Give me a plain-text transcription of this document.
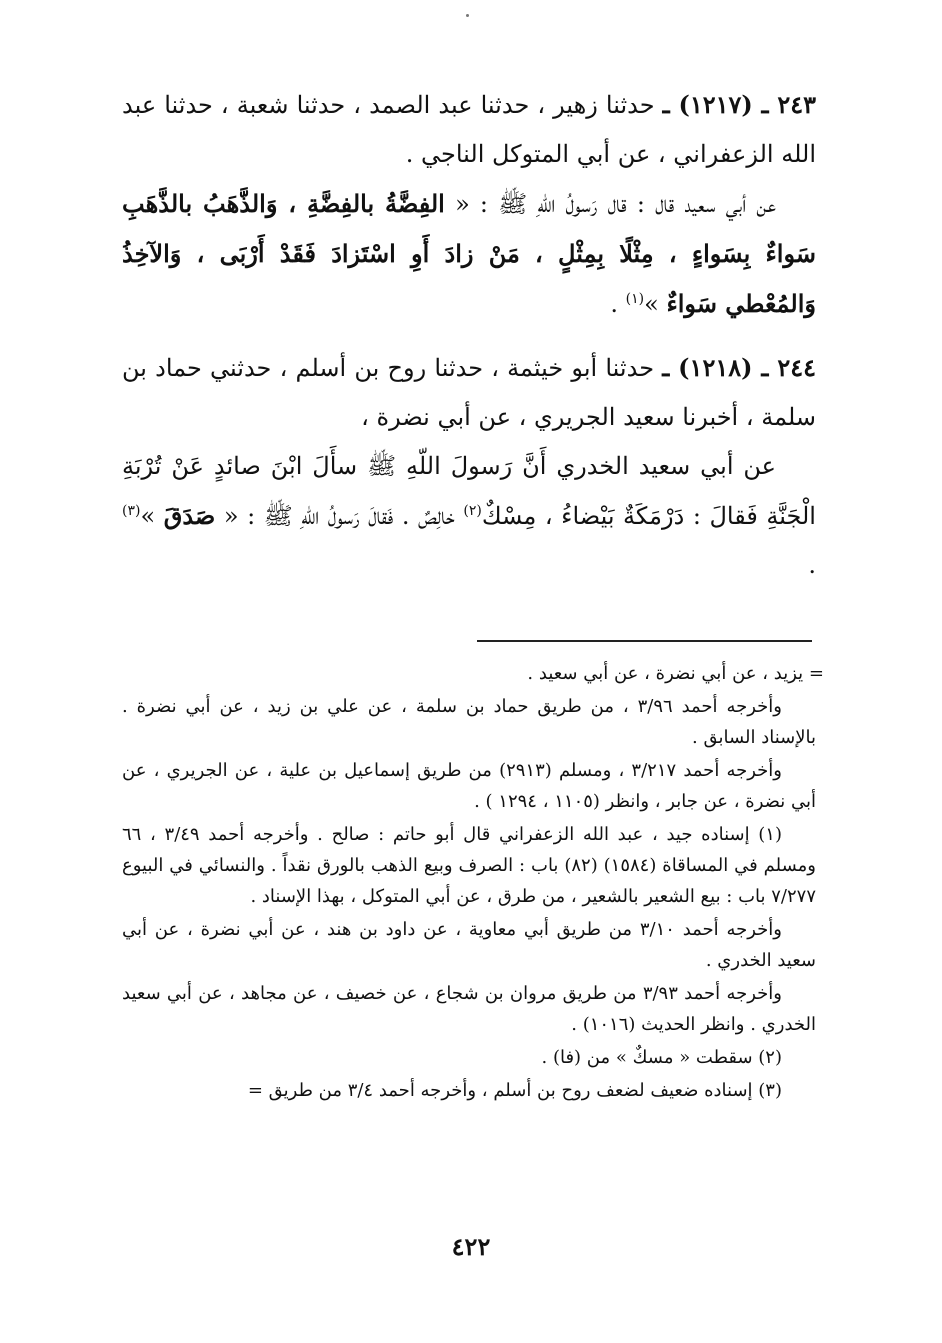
٢٤٣ ـ (١٢١٧) ـ حدثنا زهير ، حدثنا عبد الصمد ، حدثنا شعبة ، حدثنا عبد الله الزعفراني ، عن أبي المتوكل الناجي .

عن أبي سعيد قال : قال رَسولُ اللّهِ ﷺ : « الفِضَّةُ بالفِضَّةِ ، وَالذَّهَبُ بالذَّهَبِ سَواءٌ بِسَواءٍ ، مِثْلًا بِمِثْلٍ ، مَنْ زادَ أَوِ اسْتَزادَ فَقَدْ أَرْبَى ، وَالآخِذُ وَالمُعْطي سَواءٌ »$^{(١)}$ .

٢٤٤ ـ (١٢١٨) ـ حدثنا أبو خيثمة ، حدثنا روح بن أسلم ، حدثني حماد بن سلمة ، أخبرنا سعيد الجريري ، عن أبي نضرة ،

عن أبي سعيد الخدري أَنَّ رَسولَ اللّهِ ﷺ سأَلَ ابْنَ صائدٍ عَنْ تُرْبَةِ الْجَنَّةِ فَقالَ : دَرْمَكَةٌ بَيْضاءُ ، مِسْكٌ$^{(٢)}$ خالِصٌ . فَقالَ رَسولُ اللّهِ ﷺ : « صَدَقَ »$^{(٣)}$ .

= يزيد ، عن أبي نضرة ، عن أبي سعيد .

وأخرجه أحمد ٣/٩٦ ، من طريق حماد بن سلمة ، عن علي بن زيد ، عن أبي نضرة . بالإسناد السابق .

وأخرجه أحمد ٣/٢١٧ ، ومسلم (٢٩١٣) من طريق إسماعيل بن علية ، عن الجريري ، عن أبي نضرة ، عن جابر ، وانظر (١١٠٥ ، ١٢٩٤ ) .

(١) إسناده جيد ، عبد الله الزعفراني قال أبو حاتم : صالح . وأخرجه أحمد ٣/٤٩ ، ٦٦ ومسلم في المساقاة (١٥٨٤) (٨٢) باب : الصرف وبيع الذهب بالورق نقداً . والنسائي في البيوع ٧/٢٧٧ باب : بيع الشعير بالشعير ، من طرق ، عن أبي المتوكل ، بهذا الإسناد .

وأخرجه أحمد ٣/١٠ من طريق أبي معاوية ، عن داود بن هند ، عن أبي نضرة ، عن أبي سعيد الخدري .

وأخرجه أحمد ٣/٩٣ من طريق مروان بن شجاع ، عن خصيف ، عن مجاهد ، عن أبي سعيد الخدري . وانظر الحديث (١٠١٦) .

(٢) سقطت « مسكٌ » من (فا) .

(٣) إسناده ضعيف لضعف روح بن أسلم ، وأخرجه أحمد ٣/٤ من طريق =

٤٢٢
